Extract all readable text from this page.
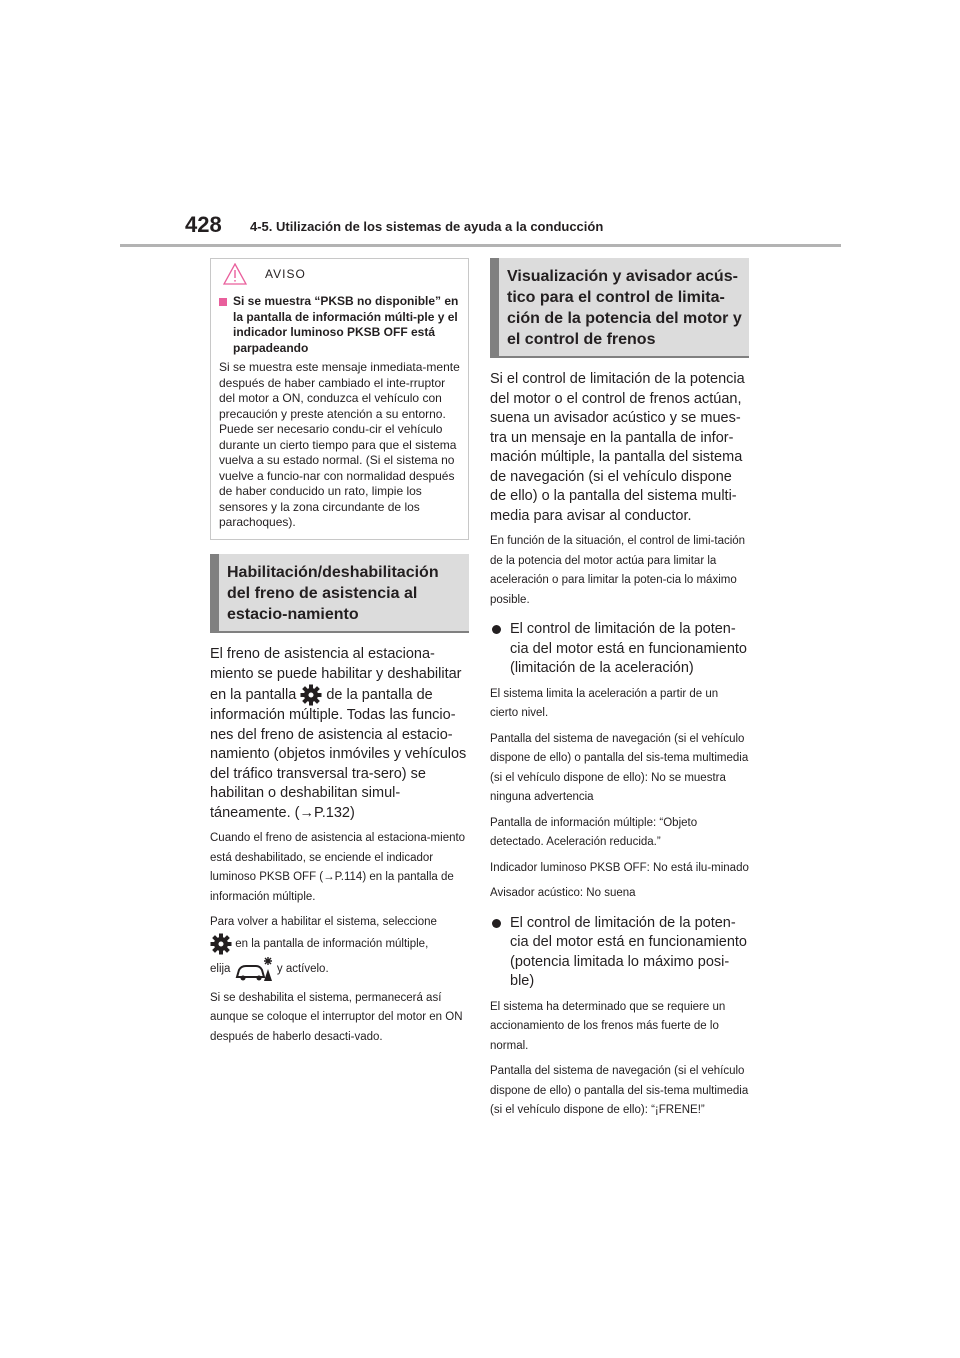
428 4-5. Utilización de los sistemas de ayuda a la conducción
AVISO
Si se muestra “PKSB no disponible” en la pantalla de información múlti-ple y el indicador luminoso PKSB OFF está parpadeando
Si se muestra este mensaje inmediata-mente después de haber cambiado el inte-rruptor del motor a ON, conduzca el vehículo con precaución y preste atención a su entorno. Puede ser necesario condu-cir el vehículo durante un cierto tiempo para que el sistema vuelva a su estado normal. (Si el sistema no vuelve a funcio-nar con normalidad después de haber conducido un rato, limpie los sensores y la zona circundante de los parachoques).
Habilitación/deshabilitación del freno de asistencia al estacio-namiento

El freno de asistencia al estaciona-miento se puede habilitar y deshabilitar en la pantalla de la pantalla de información múltiple. Todas las funcio-nes del freno de asistencia al estacio-namiento (objetos inmóviles y vehículos del tráfico transversal tra-sero) se habilitan o deshabilitan simul-táneamente. (→P.132)

Cuando el freno de asistencia al estaciona-miento está deshabilitado, se enciende el indicador luminoso PKSB OFF (→P.114) en la pantalla de información múltiple.

Para volver a habilitar el sistema, seleccione
en la pantalla de información múltiple,
elija	y actívelo.

Si se deshabilita el sistema, permanecerá así aunque se coloque el interruptor del motor en ON después de haberlo desacti-vado.

Visualización y avisador acús-tico para el control de limita-ción de la potencia del motor y el control de frenos

Si el control de limitación de la potencia del motor o el control de frenos actúan, suena un avisador acústico y se mues-tra un mensaje en la pantalla de infor-mación múltiple, la pantalla del sistema de navegación (si el vehículo dispone de ello) o la pantalla del sistema multi-media para avisar al conductor.

En función de la situación, el control de limi-tación de la potencia del motor actúa para limitar la aceleración o para limitar la poten-cia lo máximo posible.

El control de limitación de la poten-cia del motor está en funcionamiento (limitación de la aceleración)

El sistema limita la aceleración a partir de un cierto nivel.

Pantalla del sistema de navegación (si el vehículo dispone de ello) o pantalla del sis-tema multimedia (si el vehículo dispone de ello): No se muestra ninguna advertencia

Pantalla de información múltiple: “Objeto detectado. Aceleración reducida.”

Indicador luminoso PKSB OFF: No está ilu-minado

Avisador acústico: No suena

El control de limitación de la poten-cia del motor está en funcionamiento (potencia limitada lo máximo posi-ble)

El sistema ha determinado que se requiere un accionamiento de los frenos más fuerte de lo normal.

Pantalla del sistema de navegación (si el vehículo dispone de ello) o pantalla del sis-tema multimedia (si el vehículo dispone de ello): “¡FRENE!”
